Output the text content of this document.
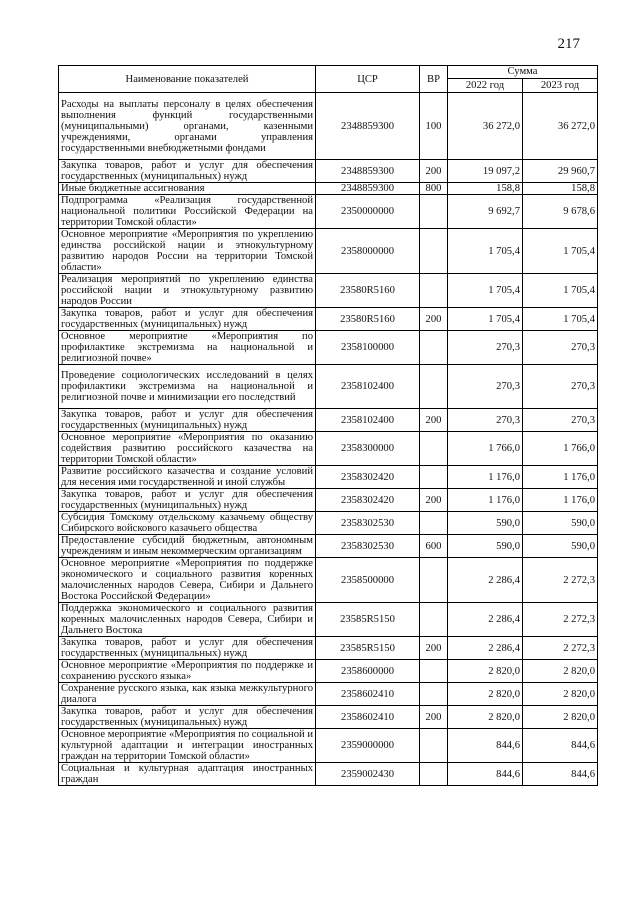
217
Наименование показателей	ЦСР	ВР	Сумма	
			2022 год	2023 год
Расходы на выплаты персоналу в целях обеспечения выполнения функций государственными (муниципальными) органами, казенными учреждениями, органами управления государственными внебюджетными фондами	2348859300	100	36 272,0	36 272,0
Закупка товаров, работ и услуг для обеспечения государственных (муниципальных) нужд	2348859300	200	19 097,2	29 960,7
Иные бюджетные ассигнования	2348859300	800	158,8	158,8
Подпрограмма «Реализация государственной национальной политики Российской Федерации на территории Томской области»	2350000000		9 692,7	9 678,6
Основное мероприятие «Мероприятия по укреплению единства российской нации и этнокультурному развитию народов России на территории Томской области»	2358000000		1 705,4	1 705,4
Реализация мероприятий по укреплению единства российской нации и этнокультурному развитию народов России	23580R5160		1 705,4	1 705,4
Закупка товаров, работ и услуг для обеспечения государственных (муниципальных) нужд	23580R5160	200	1 705,4	1 705,4
Основное мероприятие «Мероприятия по профилактике экстремизма на национальной и религиозной почве»	2358100000		270,3	270,3
Проведение социологических исследований в целях профилактики экстремизма на национальной и религиозной почве и минимизации его последствий	2358102400		270,3	270,3
Закупка товаров, работ и услуг для обеспечения государственных (муниципальных) нужд	2358102400	200	270,3	270,3
Основное мероприятие «Мероприятия по оказанию содействия развитию российского казачества на территории Томской области»	2358300000		1 766,0	1 766,0
Развитие российского казачества и создание условий для несения ими государственной и иной службы	2358302420		1 176,0	1 176,0
Закупка товаров, работ и услуг для обеспечения государственных (муниципальных) нужд	2358302420	200	1 176,0	1 176,0
Субсидия Томскому отдельскому казачьему обществу Сибирского войскового казачьего общества	2358302530		590,0	590,0
Предоставление субсидий бюджетным, автономным учреждениям и иным некоммерческим организациям	2358302530	600	590,0	590,0
Основное мероприятие «Мероприятия по поддержке экономического и социального развития коренных малочисленных народов Севера, Сибири и Дальнего Востока Российской Федерации»	2358500000		2 286,4	2 272,3
Поддержка экономического и социального развития коренных малочисленных народов Севера, Сибири и Дальнего Востока	23585R5150		2 286,4	2 272,3
Закупка товаров, работ и услуг для обеспечения государственных (муниципальных) нужд	23585R5150	200	2 286,4	2 272,3
Основное мероприятие «Мероприятия по поддержке и сохранению русского языка»	2358600000		2 820,0	2 820,0
Сохранение русского языка, как языка межкультурного диалога	2358602410		2 820,0	2 820,0
Закупка товаров, работ и услуг для обеспечения государственных (муниципальных) нужд	2358602410	200	2 820,0	2 820,0
Основное мероприятие «Мероприятия по социальной и культурной адаптации и интеграции иностранных граждан на территории Томской области»	2359000000		844,6	844,6
Социальная и культурная адаптация иностранных граждан	2359002430		844,6	844,6
